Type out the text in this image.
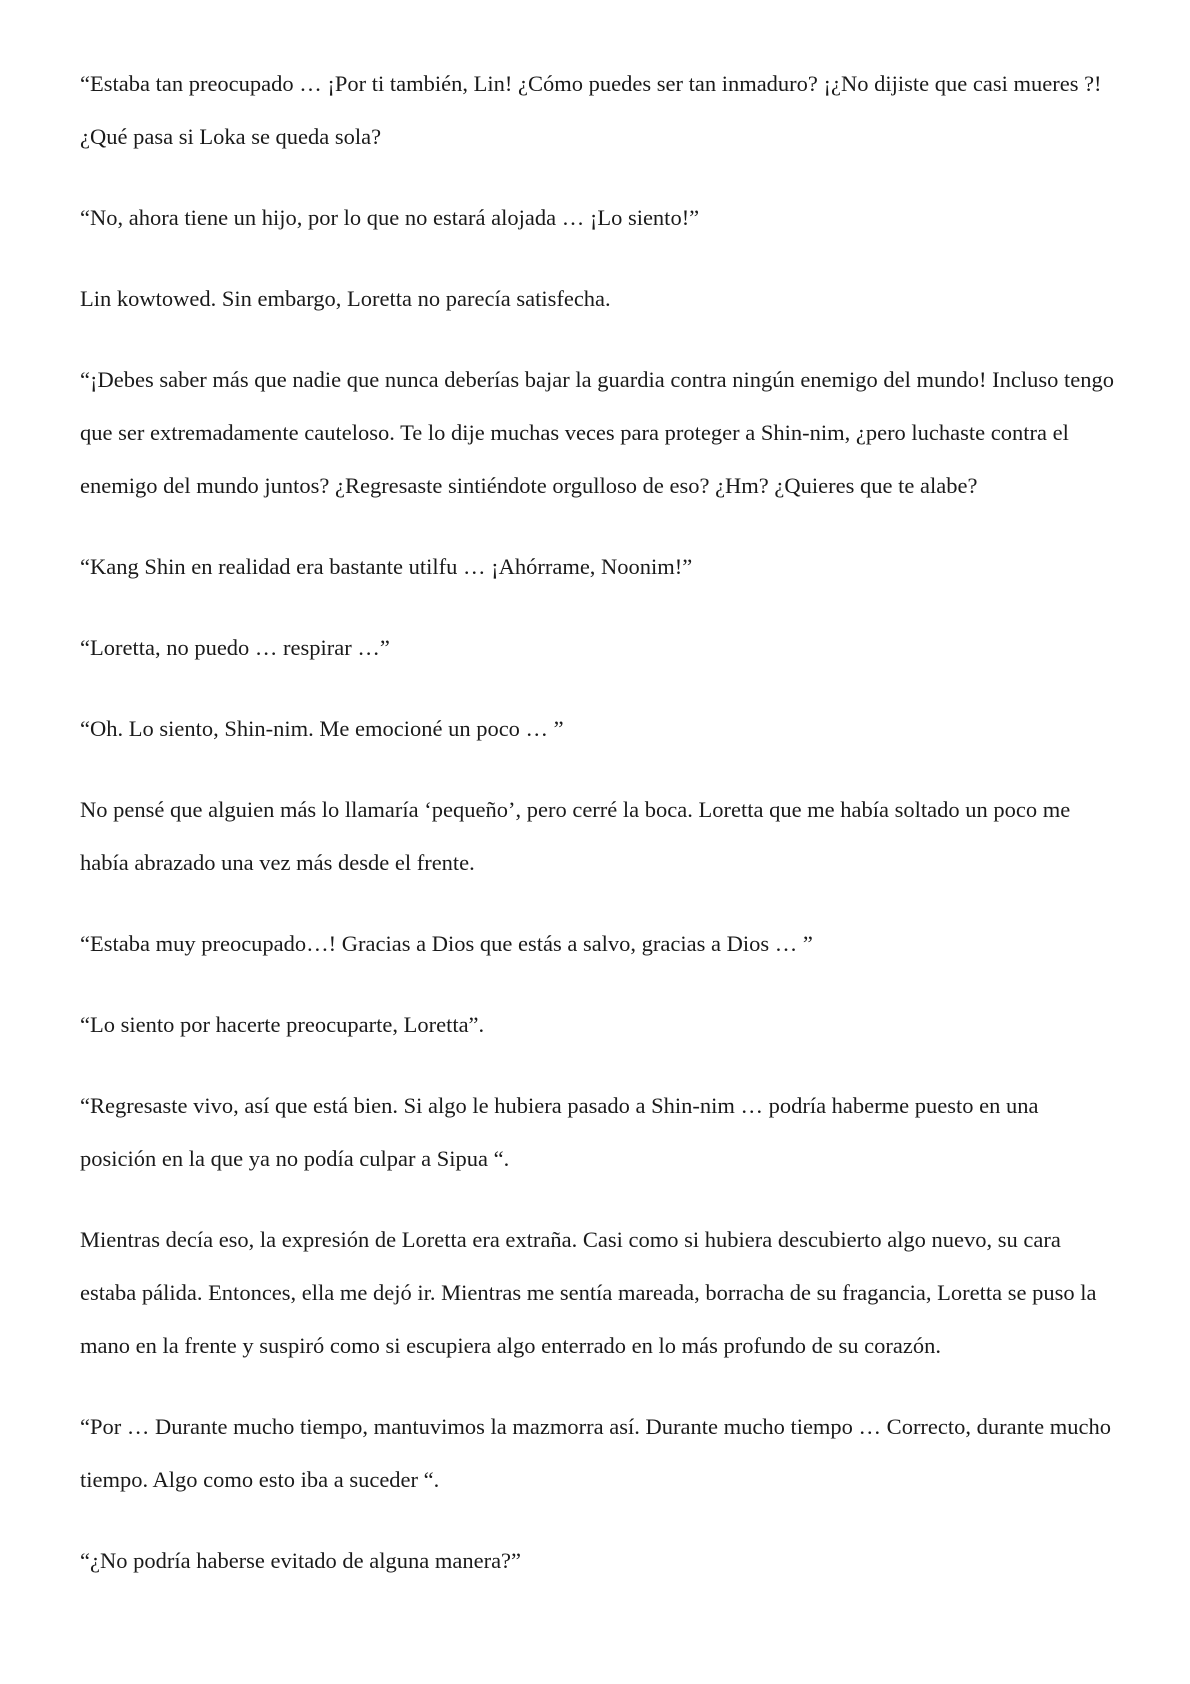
“Estaba tan preocupado … ¡Por ti también, Lin! ¿Cómo puedes ser tan inmaduro? ¡¿No dijiste que casi mueres ?! ¿Qué pasa si Loka se queda sola?

“No, ahora tiene un hijo, por lo que no estará alojada … ¡Lo siento!”

Lin kowtowed. Sin embargo, Loretta no parecía satisfecha.

“¡Debes saber más que nadie que nunca deberías bajar la guardia contra ningún enemigo del mundo! Incluso tengo que ser extremadamente cauteloso. Te lo dije muchas veces para proteger a Shin-nim, ¿pero luchaste contra el enemigo del mundo juntos? ¿Regresaste sintiéndote orgulloso de eso? ¿Hm? ¿Quieres que te alabe?

“Kang Shin en realidad era bastante utilfu … ¡Ahórrame, Noonim!”

“Loretta, no puedo … respirar …”

“Oh. Lo siento, Shin-nim. Me emocioné un poco … ”

No pensé que alguien más lo llamaría ‘pequeño’, pero cerré la boca. Loretta que me había soltado un poco me había abrazado una vez más desde el frente.

“Estaba muy preocupado…! Gracias a Dios que estás a salvo, gracias a Dios … ”

“Lo siento por hacerte preocuparte, Loretta”.

“Regresaste vivo, así que está bien. Si algo le hubiera pasado a Shin-nim … podría haberme puesto en una posición en la que ya no podía culpar a Sipua “.

Mientras decía eso, la expresión de Loretta era extraña. Casi como si hubiera descubierto algo nuevo, su cara estaba pálida. Entonces, ella me dejó ir. Mientras me sentía mareada, borracha de su fragancia, Loretta se puso la mano en la frente y suspiró como si escupiera algo enterrado en lo más profundo de su corazón.

“Por … Durante mucho tiempo, mantuvimos la mazmorra así. Durante mucho tiempo … Correcto, durante mucho tiempo. Algo como esto iba a suceder “.

“¿No podría haberse evitado de alguna manera?”
